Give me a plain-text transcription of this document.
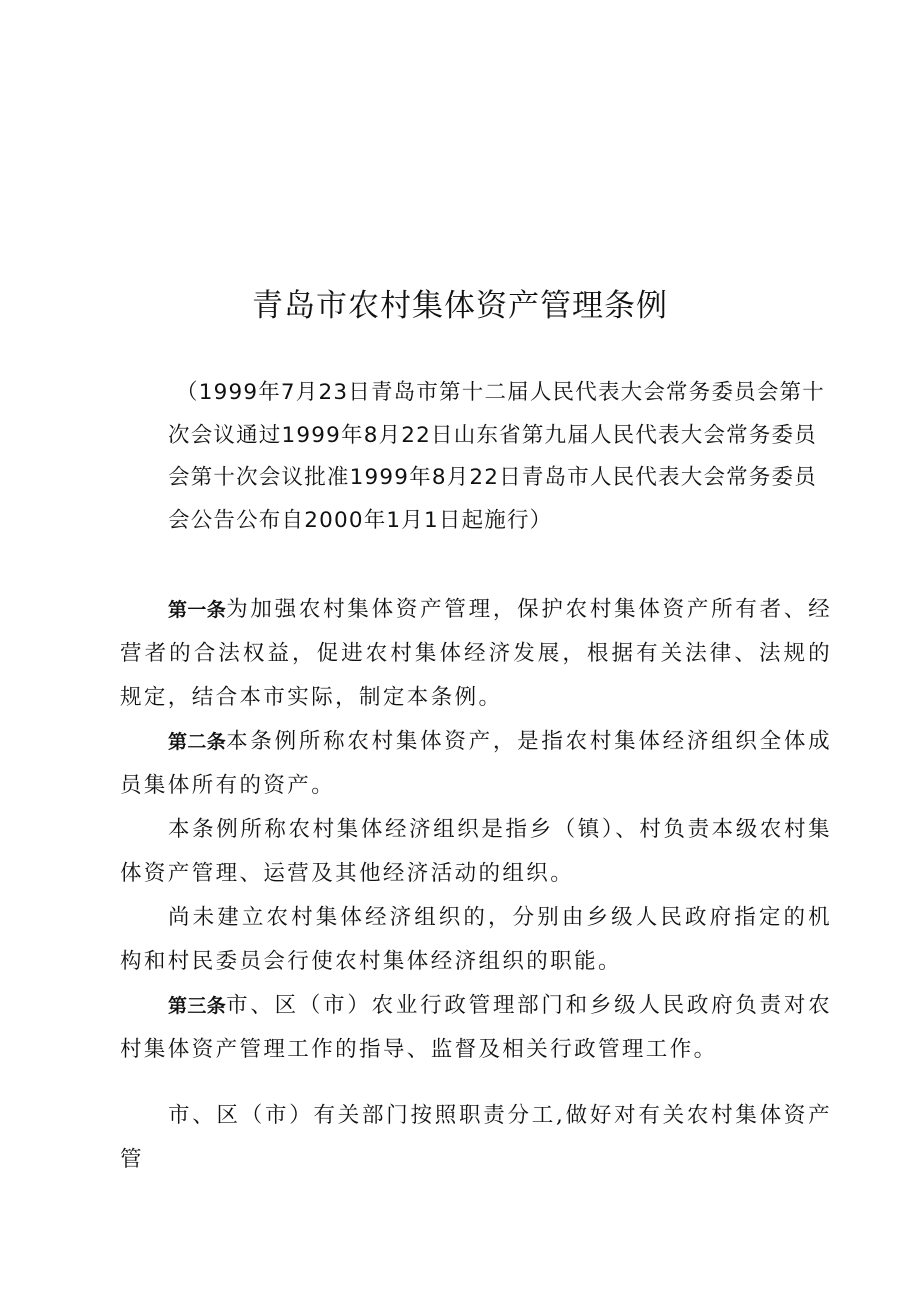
青岛市农村集体资产管理条例
（1999年7月23日青岛市第十二届人民代表大会常务委员会第十次会议通过1999年8月22日山东省第九届人民代表大会常务委员会第十次会议批准1999年8月22日青岛市人民代表大会常务委员会公告公布自2000年1月1日起施行）

第一条为加强农村集体资产管理，保护农村集体资产所有者、经营者的合法权益，促进农村集体经济发展，根据有关法律、法规的规定，结合本市实际，制定本条例。

第二条本条例所称农村集体资产，是指农村集体经济组织全体成员集体所有的资产。

本条例所称农村集体经济组织是指乡（镇）、村负责本级农村集体资产管理、运营及其他经济活动的组织。

尚未建立农村集体经济组织的，分别由乡级人民政府指定的机构和村民委员会行使农村集体经济组织的职能。

第三条市、区（市）农业行政管理部门和乡级人民政府负责对农村集体资产管理工作的指导、监督及相关行政管理工作。

市、区（市）有关部门按照职责分工,做好对有关农村集体资产管
